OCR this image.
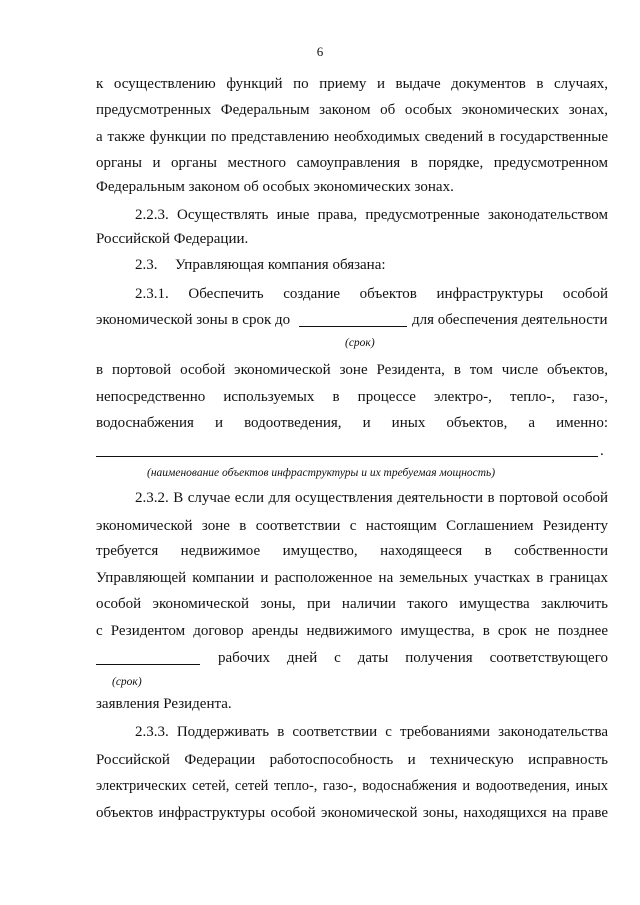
6
к осуществлению функций по приему и выдаче документов в случаях,
предусмотренных Федеральным законом об особых экономических зонах,
а также функции по представлению необходимых сведений в государственные
органы и органы местного самоуправления в порядке, предусмотренном
Федеральным законом об особых экономических зонах.
2.2.3. Осуществлять иные права, предусмотренные законодательством
Российской Федерации.
2.3.	Управляющая компания обязана:
2.3.1. Обеспечить создание объектов инфраструктуры особой
экономической зоны в срок до	для обеспечения деятельности
(срок)
в портовой особой экономической зоне Резидента, в том числе объектов,
непосредственно используемых в процессе электро-, тепло-, газо-,
водоснабжения и водоотведения, и иных объектов, а именно:
.
(наименование объектов инфраструктуры и их требуемая мощность)
2.3.2. В случае если для осуществления деятельности в портовой особой
экономической зоне в соответствии с настоящим Соглашением Резиденту
требуется недвижимое имущество, находящееся в собственности
Управляющей компании и расположенное на земельных участках в границах
особой экономической зоны, при наличии такого имущества заключить
с Резидентом договор аренды недвижимого имущества, в срок не позднее
рабочих дней с даты получения соответствующего
(срок)
заявления Резидента.
2.3.3. Поддерживать в соответствии с требованиями законодательства
Российской Федерации работоспособность и техническую исправность
электрических сетей, сетей тепло-, газо-, водоснабжения и водоотведения, иных
объектов инфраструктуры особой экономической зоны, находящихся на праве
